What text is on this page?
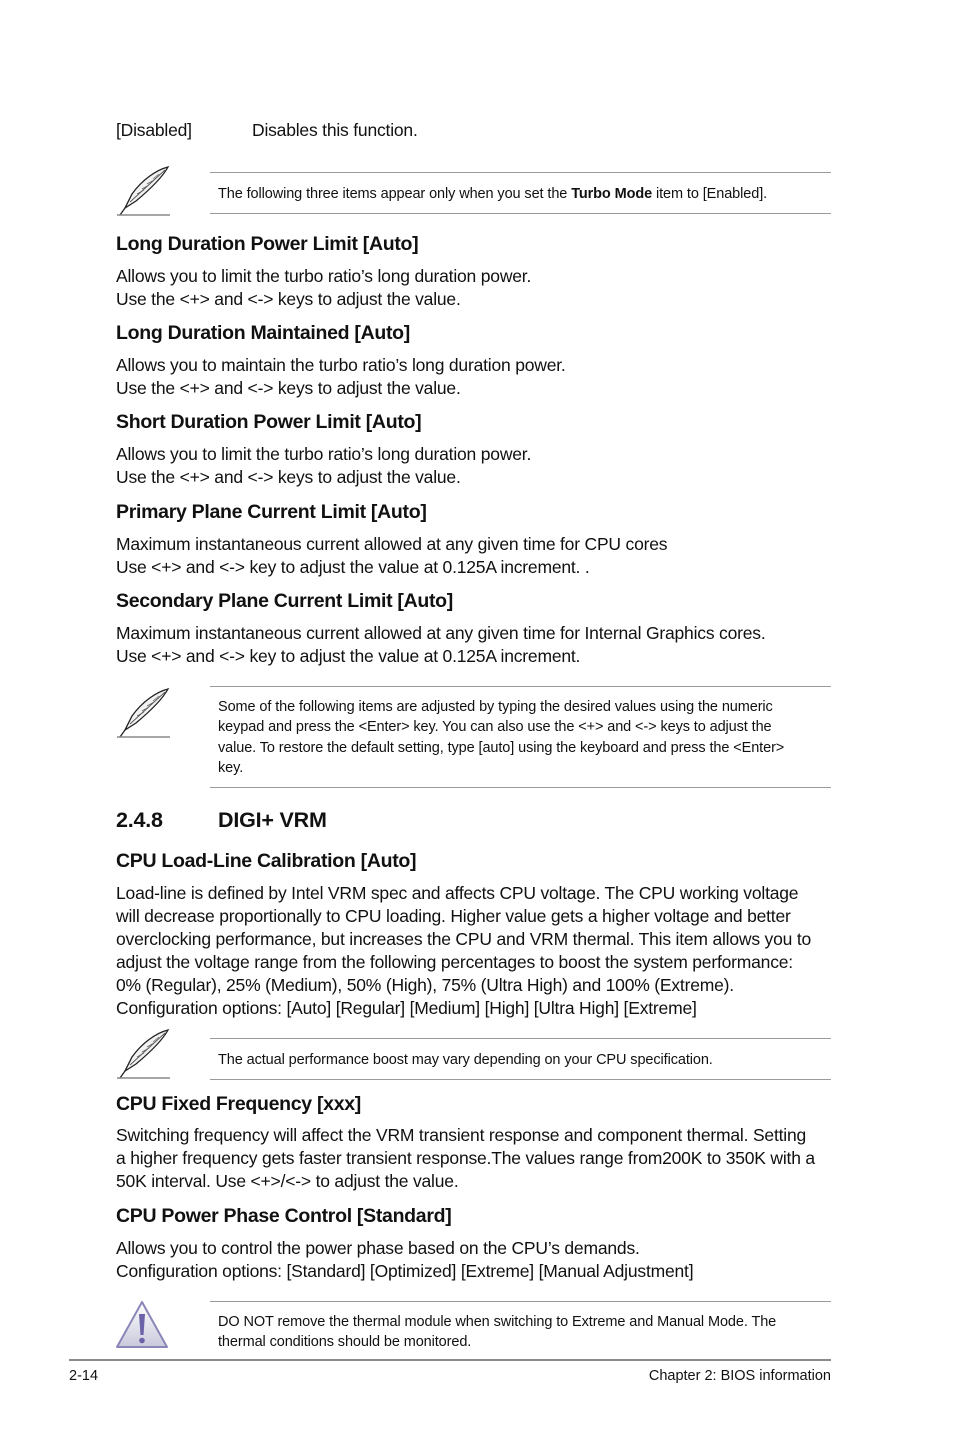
[Disabled]	Disables this function.
The following three items appear only when you set the Turbo Mode item to [Enabled].
Long Duration Power Limit [Auto]
Allows you to limit the turbo ratio’s long duration power.
Use the <+> and <-> keys to adjust the value.
Long Duration Maintained [Auto]
Allows you to maintain the turbo ratio’s long duration power.
Use the <+> and <-> keys to adjust the value.
Short Duration Power Limit [Auto]
Allows you to limit the turbo ratio’s long duration power.
Use the <+> and <-> keys to adjust the value.
Primary Plane Current Limit [Auto]
Maximum instantaneous current allowed at any given time for CPU cores
Use <+> and <-> key to adjust the value at 0.125A increment. .
Secondary Plane Current Limit [Auto]
Maximum instantaneous current allowed at any given time for Internal Graphics cores.
Use <+> and <-> key to adjust the value at 0.125A increment.
Some of the following items are adjusted by typing the desired values using the numeric
keypad and press the <Enter> key. You can also use the <+> and <-> keys to adjust the
value. To restore the default setting, type [auto] using the keyboard and press the <Enter>
key.
2.4.8	DIGI+ VRM
CPU Load-Line Calibration [Auto]
Load-line is defined by Intel VRM spec and affects CPU voltage. The CPU working voltage
will decrease proportionally to CPU loading. Higher value gets a higher voltage and better
overclocking performance, but increases the CPU and VRM thermal. This item allows you to
adjust the voltage range from the following percentages to boost the system performance:
0% (Regular), 25% (Medium), 50% (High), 75% (Ultra High) and 100% (Extreme).
Configuration options: [Auto] [Regular] [Medium] [High] [Ultra High] [Extreme]
The actual performance boost may vary depending on your CPU specification.
CPU Fixed Frequency [xxx]
Switching frequency will affect the VRM transient response and component thermal. Setting
a higher frequency gets faster transient response.The values range from200K to 350K with a
50K interval. Use <+>/<-> to adjust the value.
CPU Power Phase Control [Standard]
Allows you to control the power phase based on the CPU’s demands.
Configuration options: [Standard] [Optimized] [Extreme] [Manual Adjustment]
DO NOT remove the thermal module when switching to Extreme and Manual Mode. The
thermal conditions should be monitored.
2-14	Chapter 2: BIOS information
